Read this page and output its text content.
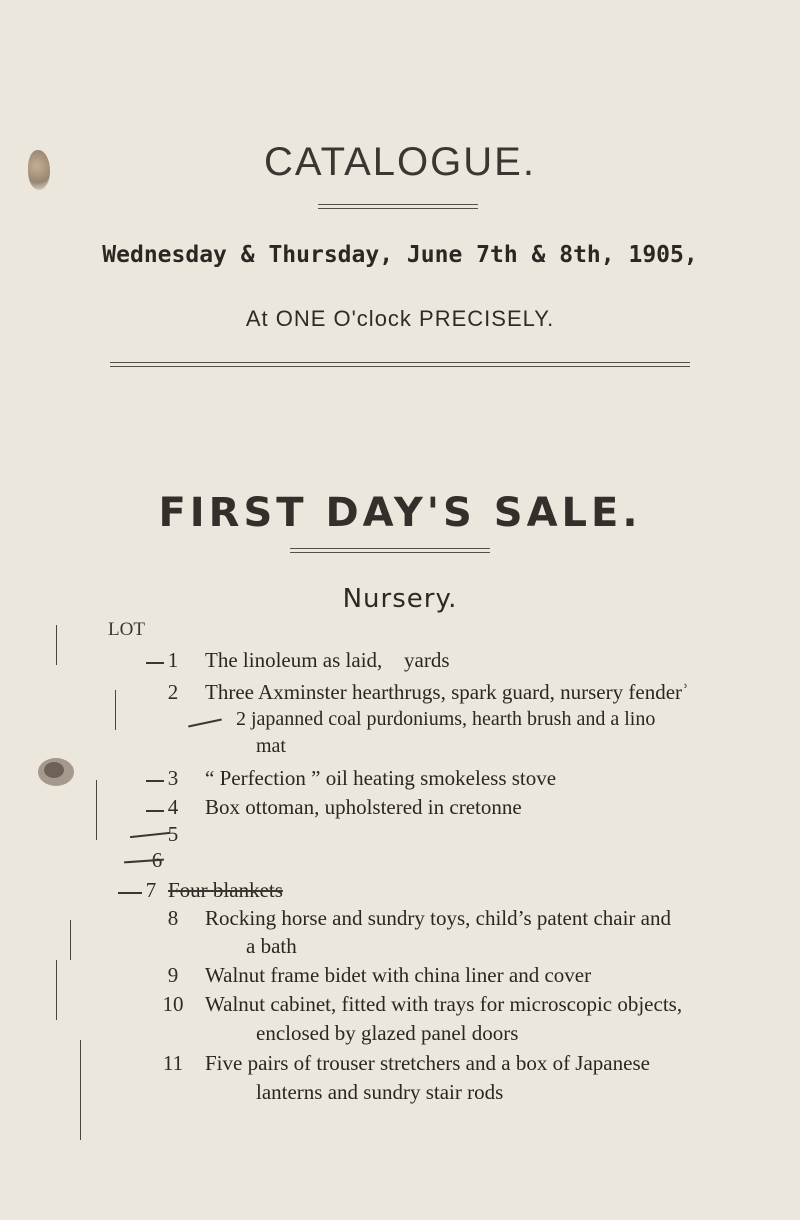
CATALOGUE.
Wednesday & Thursday, June 7th & 8th, 1905,
At ONE O'clock PRECISELY.
FIRST DAY'S SALE.
Nursery.
LOT
1	The linoleum as laid,	yards
2	Three Axminster hearthrugs, spark guard, nursery fenderʾ
2 japanned coal purdoniums, hearth brush and a lino
mat
3	“ Perfection ” oil heating smokeless stove
4	Box ottoman, upholstered in cretonne
5
6
7 Four blankets
8	Rocking horse and sundry toys, child’s patent chair and
a bath
9	Walnut frame bidet with china liner and cover
10 Walnut cabinet, fitted with trays for microscopic objects,
enclosed by glazed panel doors
11 Five pairs of trouser stretchers and a box of Japanese
lanterns and sundry stair rods
